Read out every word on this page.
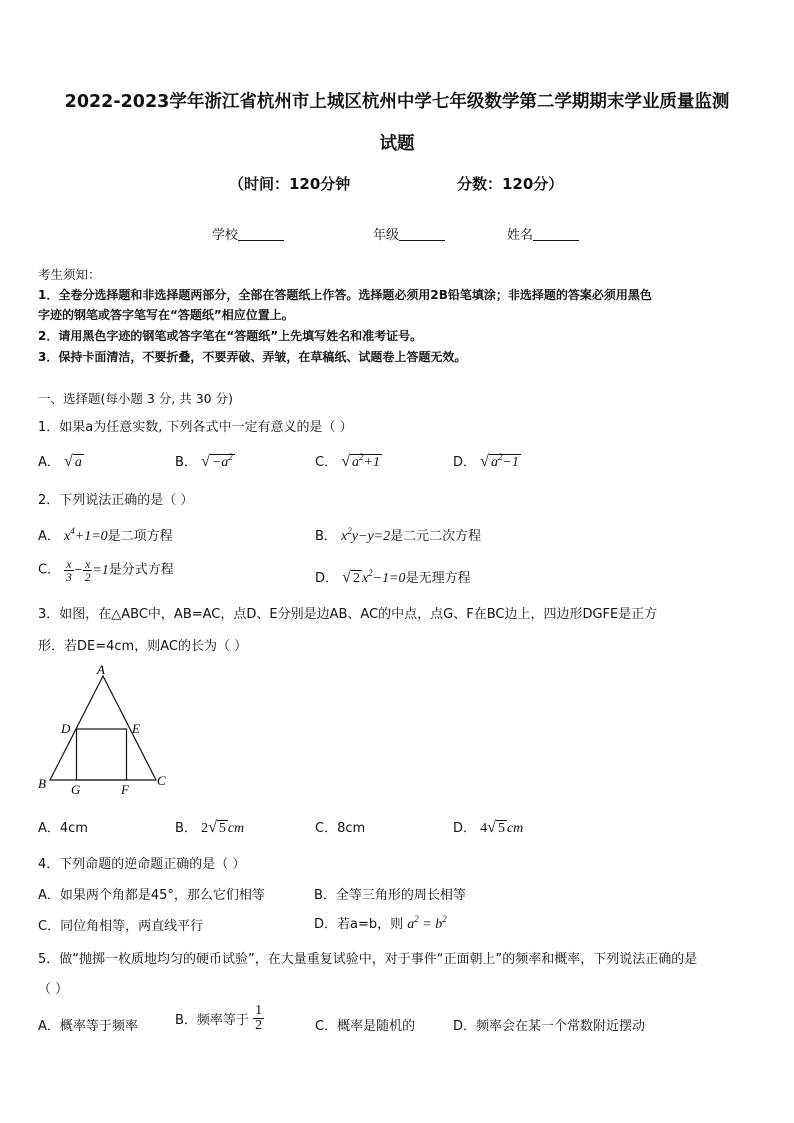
2022-2023学年浙江省杭州市上城区杭州中学七年级数学第二学期期末学业质量监测
试题
（时间：120分钟	分数：120分）
学校	年级	姓名
考生须知：
1．全卷分选择题和非选择题两部分，全部在答题纸上作答。选择题必须用2B铅笔填涂；非选择题的答案必须用黑色
字迹的钢笔或答字笔写在“答题纸”相应位置上。
2．请用黑色字迹的钢笔或答字笔在“答题纸”上先填写姓名和准考证号。
3．保持卡面清洁，不要折叠，不要弄破、弄皱，在草稿纸、试题卷上答题无效。
一、选择题(每小题 3 分, 共 30 分)
1．如果a为任意实数, 下列各式中一定有意义的是（ ）
A． √ a	B． √ $-a^2$	C． √ $a^2+1$	D． √ $a^2-1$
2．下列说法正确的是（ ）
A． $x^4+1=0$是二项方程	B． $x^2y-y=2$是二元二次方程
C． $\frac{x}{3} - \frac{x}{2} =1$是分式方程
D． √ 2 $x^2-1=0$是无理方程
3．如图，在△ABC中，AB=AC，点D、E分别是边AB、AC的中点，点G、F在BC边上，四边形DGFE是正方
形．若DE=4cm，则AC的长为（ ）
A
B	C
D	E
F
G
A．4cm	B． 2√ 5 cm	C．8cm	D． 4√ 5 cm
4．下列命题的逆命题正确的是（ ）
A．如果两个角都是45°，那么它们相等	B．全等三角形的周长相等
C．同位角相等，两直线平行	D．若a=b，则 $a^2 = b^2$
5．做“抛掷一枚质地均匀的硬币试验”，在大量重复试验中，对于事件“正面朝上”的频率和概率，下列说法正确的是
（ ）
A．概率等于频率	B．频率等于 $\frac{1}{2}$	C．概率是随机的	D．频率会在某一个常数附近摆动
